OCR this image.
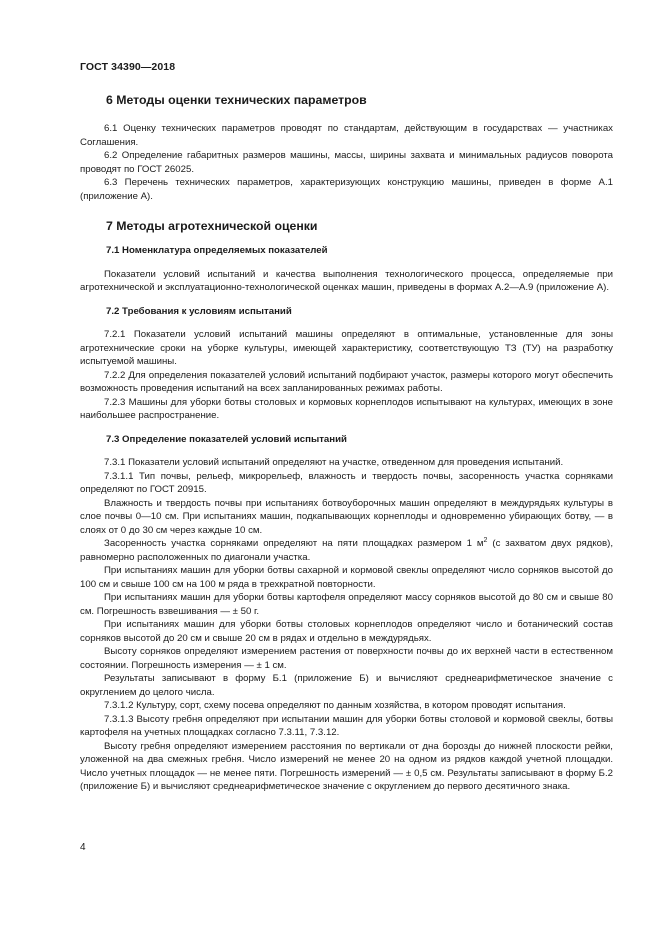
ГОСТ 34390—2018
6 Методы оценки технических параметров

6.1 Оценку технических параметров проводят по стандартам, действующим в государствах — участниках Соглашения.

6.2 Определение габаритных размеров машины, массы, ширины захвата и минимальных радиусов поворота проводят по ГОСТ 26025.

6.3 Перечень технических параметров, характеризующих конструкцию машины, приведен в форме А.1 (приложение А).

7 Методы агротехнической оценки
7.1 Номенклатура определяемых показателей

Показатели условий испытаний и качества выполнения технологического процесса, определяемые при агротехнической и эксплуатационно-технологической оценках машин, приведены в формах А.2—А.9 (приложение А).

7.2 Требования к условиям испытаний

7.2.1 Показатели условий испытаний машины определяют в оптимальные, установленные для зоны агротехнические сроки на уборке культуры, имеющей характеристику, соответствующую ТЗ (ТУ) на разработку испытуемой машины.

7.2.2 Для определения показателей условий испытаний подбирают участок, размеры которого могут обеспечить возможность проведения испытаний на всех запланированных режимах работы.

7.2.3 Машины для уборки ботвы столовых и кормовых корнеплодов испытывают на культурах, имеющих в зоне наибольшее распространение.

7.3 Определение показателей условий испытаний

7.3.1 Показатели условий испытаний определяют на участке, отведенном для проведения испытаний.

7.3.1.1 Тип почвы, рельеф, микрорельеф, влажность и твердость почвы, засоренность участка сорняками определяют по ГОСТ 20915.

Влажность и твердость почвы при испытаниях ботвоуборочных машин определяют в междурядьях культуры в слое почвы 0—10 см. При испытаниях машин, подкапывающих корнеплоды и одновременно убирающих ботву, — в слоях от 0 до 30 см через каждые 10 см.

Засоренность участка сорняками определяют на пяти площадках размером 1 $м^2$ (с захватом двух рядков), равномерно расположенных по диагонали участка.

При испытаниях машин для уборки ботвы сахарной и кормовой свеклы определяют число сорняков высотой до 100 см и свыше 100 см на 100 м ряда в трехкратной повторности.

При испытаниях машин для уборки ботвы картофеля определяют массу сорняков высотой до 80 см и свыше 80 см. Погрешность взвешивания — ± 50 г.

При испытаниях машин для уборки ботвы столовых корнеплодов определяют число и ботанический состав сорняков высотой до 20 см и свыше 20 см в рядах и отдельно в междурядьях.

Высоту сорняков определяют измерением растения от поверхности почвы до их верхней части в естественном состоянии. Погрешность измерения — ± 1 см.

Результаты записывают в форму Б.1 (приложение Б) и вычисляют среднеарифметическое значение с округлением до целого числа.

7.3.1.2 Культуру, сорт, схему посева определяют по данным хозяйства, в котором проводят испытания.

7.3.1.3 Высоту гребня определяют при испытании машин для уборки ботвы столовой и кормовой свеклы, ботвы картофеля на учетных площадках согласно 7.3.11, 7.3.12.

Высоту гребня определяют измерением расстояния по вертикали от дна борозды до нижней плоскости рейки, уложенной на два смежных гребня. Число измерений не менее 20 на одном из рядков каждой учетной площадки. Число учетных площадок — не менее пяти. Погрешность измерений — ± 0,5 см. Результаты записывают в форму Б.2 (приложение Б) и вычисляют среднеарифметическое значение с округлением до первого десятичного знака.

4
